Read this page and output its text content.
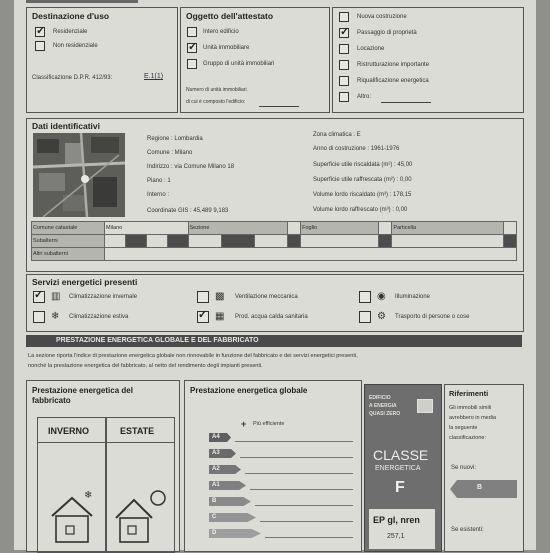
Destinazione d'uso
✓
Residenziale
Non residenziale
Classificazione D.P.R. 412/93:	E.1(1)
Oggetto dell'attestato
Intero edificio
✓
Unità immobiliare
Gruppo di unità immobiliari
Numero di unità immobiliari
di cui è composto l'edificio:
Nuova costruzione
✓
Passaggio di proprietà
Locazione
Ristrutturazione importante
Riqualificazione energetica
Altro:
Dati identificativi
Regione : Lombardia
Comune : Milano
Indirizzo : via Comune Milano 18
Piano : 1
Interno :
Coordinate GIS : 45,489 9,183
Zona climatica : E
Anno di costruzione : 1961-1976
Superficie utile riscaldata (m²) : 45,00
Superficie utile raffrescata (m²) : 0,00
Volume lordo riscaldato (m³) : 178,15
Volume lordo raffrescato (m³) : 0,00
Comune catastale	Milano				Sezione				Foglio		Particella	
Subalterni												
Altri subalterni												
Servizi energetici presenti
✓
▥ Climatizzazione invernale	▩ Ventilazione meccanica	◉ Illuminazione
❄ Climatizzazione estiva ✓	▦ Prod. acqua calda sanitaria	⚙ Trasporto di persone o cose
PRESTAZIONE ENERGETICA GLOBALE E DEL FABBRICATO
La sezione riporta l'indice di prestazione energetica globale non rinnovabile in funzione del fabbricato e dei servizi energetici presenti,
nonché la prestazione energetica del fabbricato, al netto del rendimento degli impianti presenti.
Prestazione energetica del
fabbricato
INVERNO
❄
ESTATE
Prestazione energetica globale
+ Più efficiente
A4
A3
A2
A1
B
C
D
EDIFICIO
A ENERGIA
QUASI ZERO
CLASSE
ENERGETICA
F
EP gl, nren
257,1
Riferimenti
Gli immobili simili
avrebbero in media
la seguente
classificazione:
Se nuovi:
B
Se esistenti:
